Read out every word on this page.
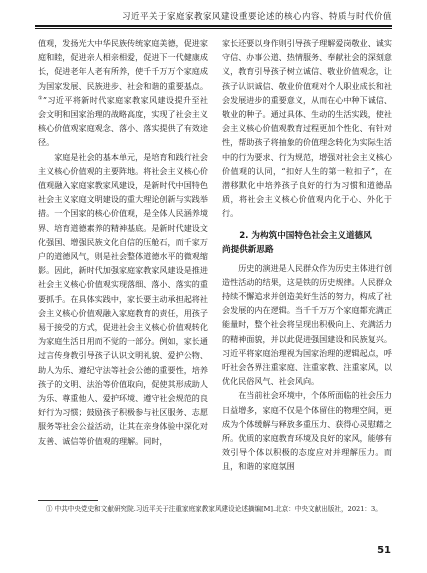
习近平关于家庭家教家风建设重要论述的核心内容、特质与时代价值

值观，发扬光大中华民族传统家庭美德，促进家庭和睦，促进亲人相亲相爱，促进下一代健康成长，促进老年人老有所养，使千千万万个家庭成为国家发展、民族进步、社会和谐的重要基点。①”习近平将新时代家庭家教家风建设提升至社会文明和国家治理的战略高度，实现了社会主义核心价值观家庭观念、落小、落实提供了有效途径。

家庭是社会的基本单元，是培育和践行社会主义核心价值观的主要阵地。将社会主义核心价值观融入家庭家教家风建设，是新时代中国特色社会主义家庭文明建设的重大理论创新与实践举措。一个国家的核心价值观，是全体人民涵养境界、培育道德素养的精神基底。是新时代建设文化强国、增强民族文化自信的压舱石，而千家万户的道德风气，则是社会整体道德水平的微观缩影。因此，新时代加强家庭家教家风建设是推进社会主义核心价值观实现落细、落小、落实的重要抓手。在具体实践中，家长要主动承担起将社会主义核心价值观融入家庭教育的责任，用孩子易于接受的方式，促进社会主义核心价值观转化为家庭生活日用而不觉的一部分。例如，家长通过言传身教引导孩子认识文明礼貌、爱护公物、助人为乐、遵纪守法等社会公德的重要性，培养孩子的文明、法治等价值取向，促使其形成助人为乐、尊重他人、爱护环境、遵守社会规范的良好行为习惯；鼓励孩子积极参与社区服务、志愿服务等社会公益活动，让其在亲身体验中深化对友善、诚信等价值观的理解。同时，

家长还要以身作则引导孩子理解爱岗敬业、诚实守信、办事公道、热情服务、奉献社会的深刻意义，教育引导孩子树立诚信、敬业价值观念，让孩子认识诚信、敬业价值观对个人职业成长和社会发展进步的重要意义，从而在心中种下诚信、敬业的种子。通过具体、生动的生活实践，使社会主义核心价值观教育过程更加个性化、有针对性，帮助孩子将抽象的价值理念转化为实际生活中的行为要求、行为规范，增强对社会主义核心价值观的认同，“扣好人生的第一粒扣子”，在潜移默化中培养孩子良好的行为习惯和道德品质，将社会主义核心价值观内化于心、外化于行。

2. 为构筑中国特色社会主义道德风
尚提供新思路

历史的演进是人民群众作为历史主体进行创造性活动的结果，这是铁的历史规律。人民群众持续不懈追求并创造美好生活的努力，构成了社会发展的内在逻辑。当千千万万个家庭都充满正能量时，整个社会将呈现出积极向上、充满活力的精神面貌，并以此促进强国建设和民族复兴。习近平将家庭治理视为国家治理的逻辑起点，呼吁社会各界注重家庭、注重家教、注重家风，以优化民俗风气、社会风向。

在当前社会环境中，个体所面临的社会压力日益增多，家庭不仅是个体留住的物理空间，更成为个体缓解与释放多重压力、获得心灵慰藉之所。优质的家庭教育环境及良好的家风，能够有效引导个体以积极的态度应对并理解压力。而且，和谐的家庭氛围

① 中共中央党史和文献研究院.习近平关于注重家庭家教家风建设论述摘编[M].北京：中央文献出版社，2021：3。
51
